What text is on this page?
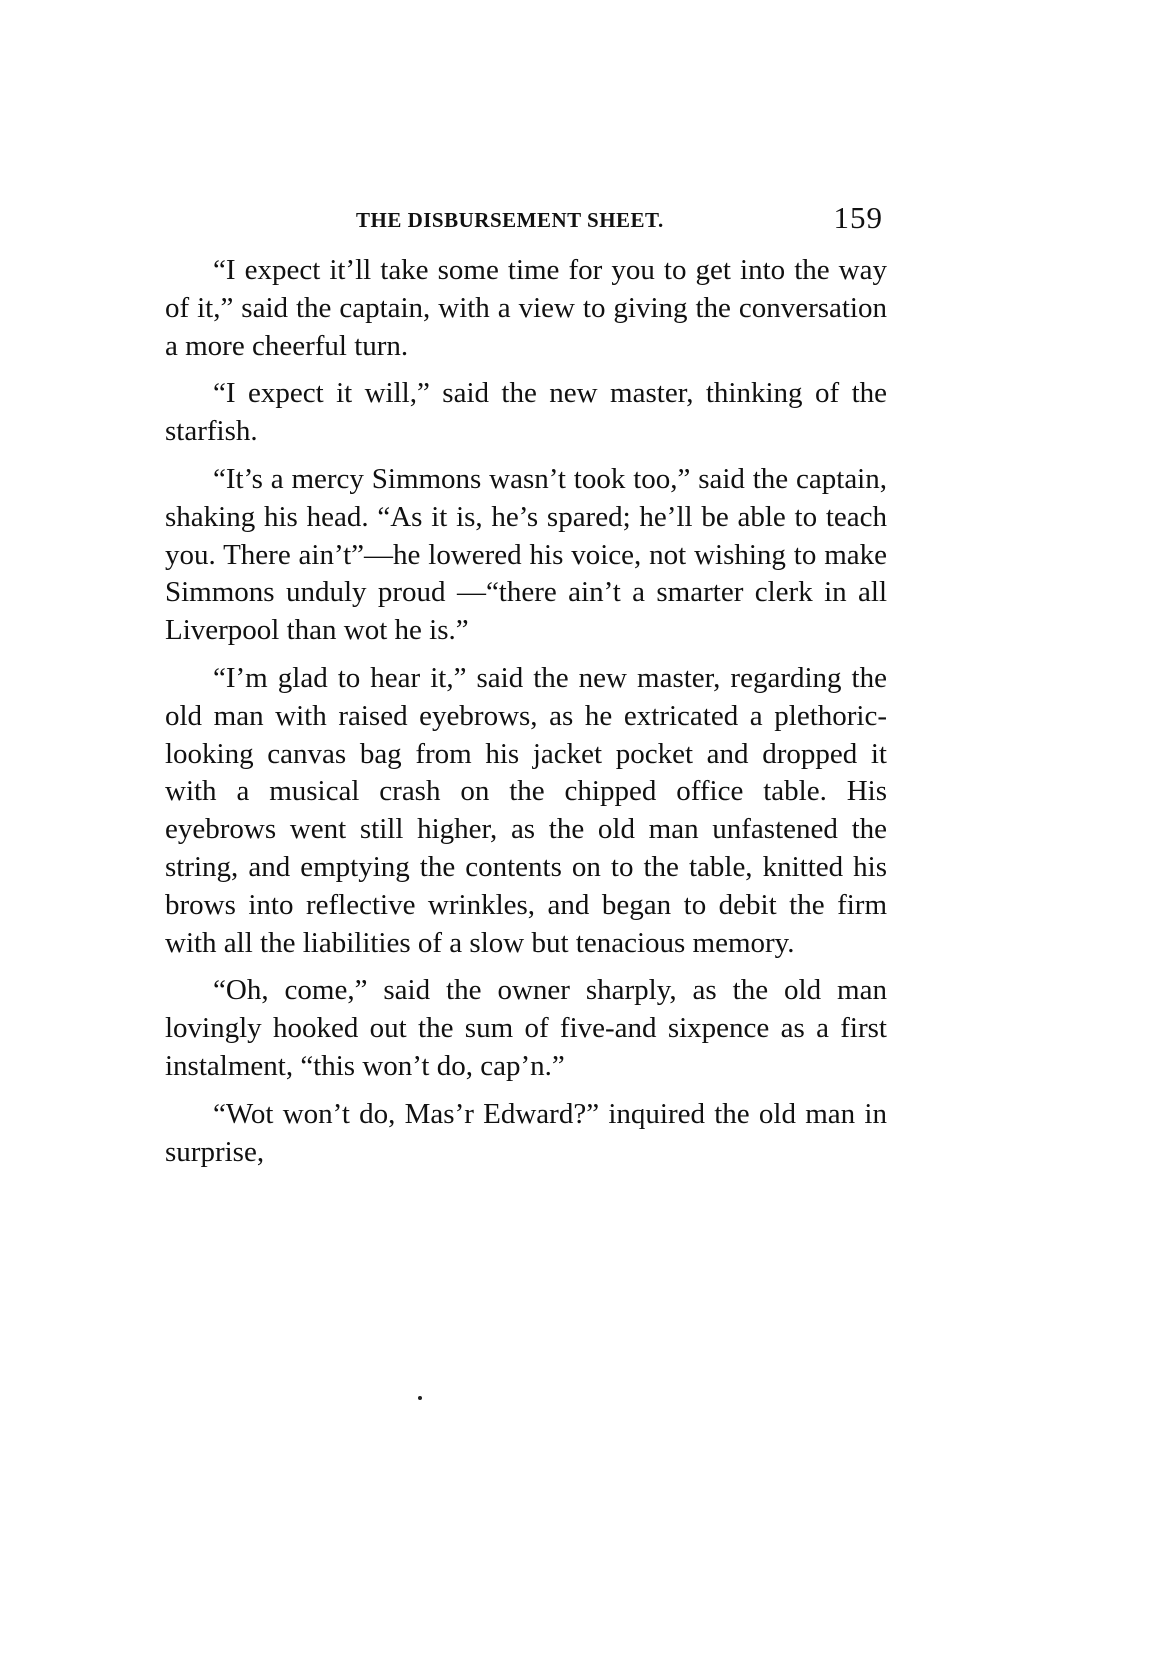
THE DISBURSEMENT SHEET.	159

“I expect it’ll take some time for you to get into the way of it,” said the captain, with a view to giving the conversation a more cheerful turn.

“I expect it will,” said the new master, thinking of the starfish.

“It’s a mercy Simmons wasn’t took too,” said the captain, shaking his head. “As it is, he’s spared; he’ll be able to teach you. There ain’t”—he lowered his voice, not wishing to make Simmons unduly proud —“there ain’t a smarter clerk in all Liverpool than wot he is.”

“I’m glad to hear it,” said the new master, regarding the old man with raised eyebrows, as he extricated a plethoric-looking canvas bag from his jacket pocket and dropped it with a musical crash on the chipped office table. His eyebrows went still higher, as the old man unfastened the string, and emptying the contents on to the table, knitted his brows into reflective wrinkles, and began to debit the firm with all the liabilities of a slow but tenacious memory.

“Oh, come,” said the owner sharply, as the old man lovingly hooked out the sum of five-and sixpence as a first instalment, “this won’t do, cap’n.”

“Wot won’t do, Mas’r Edward?” inquired the old man in surprise,
